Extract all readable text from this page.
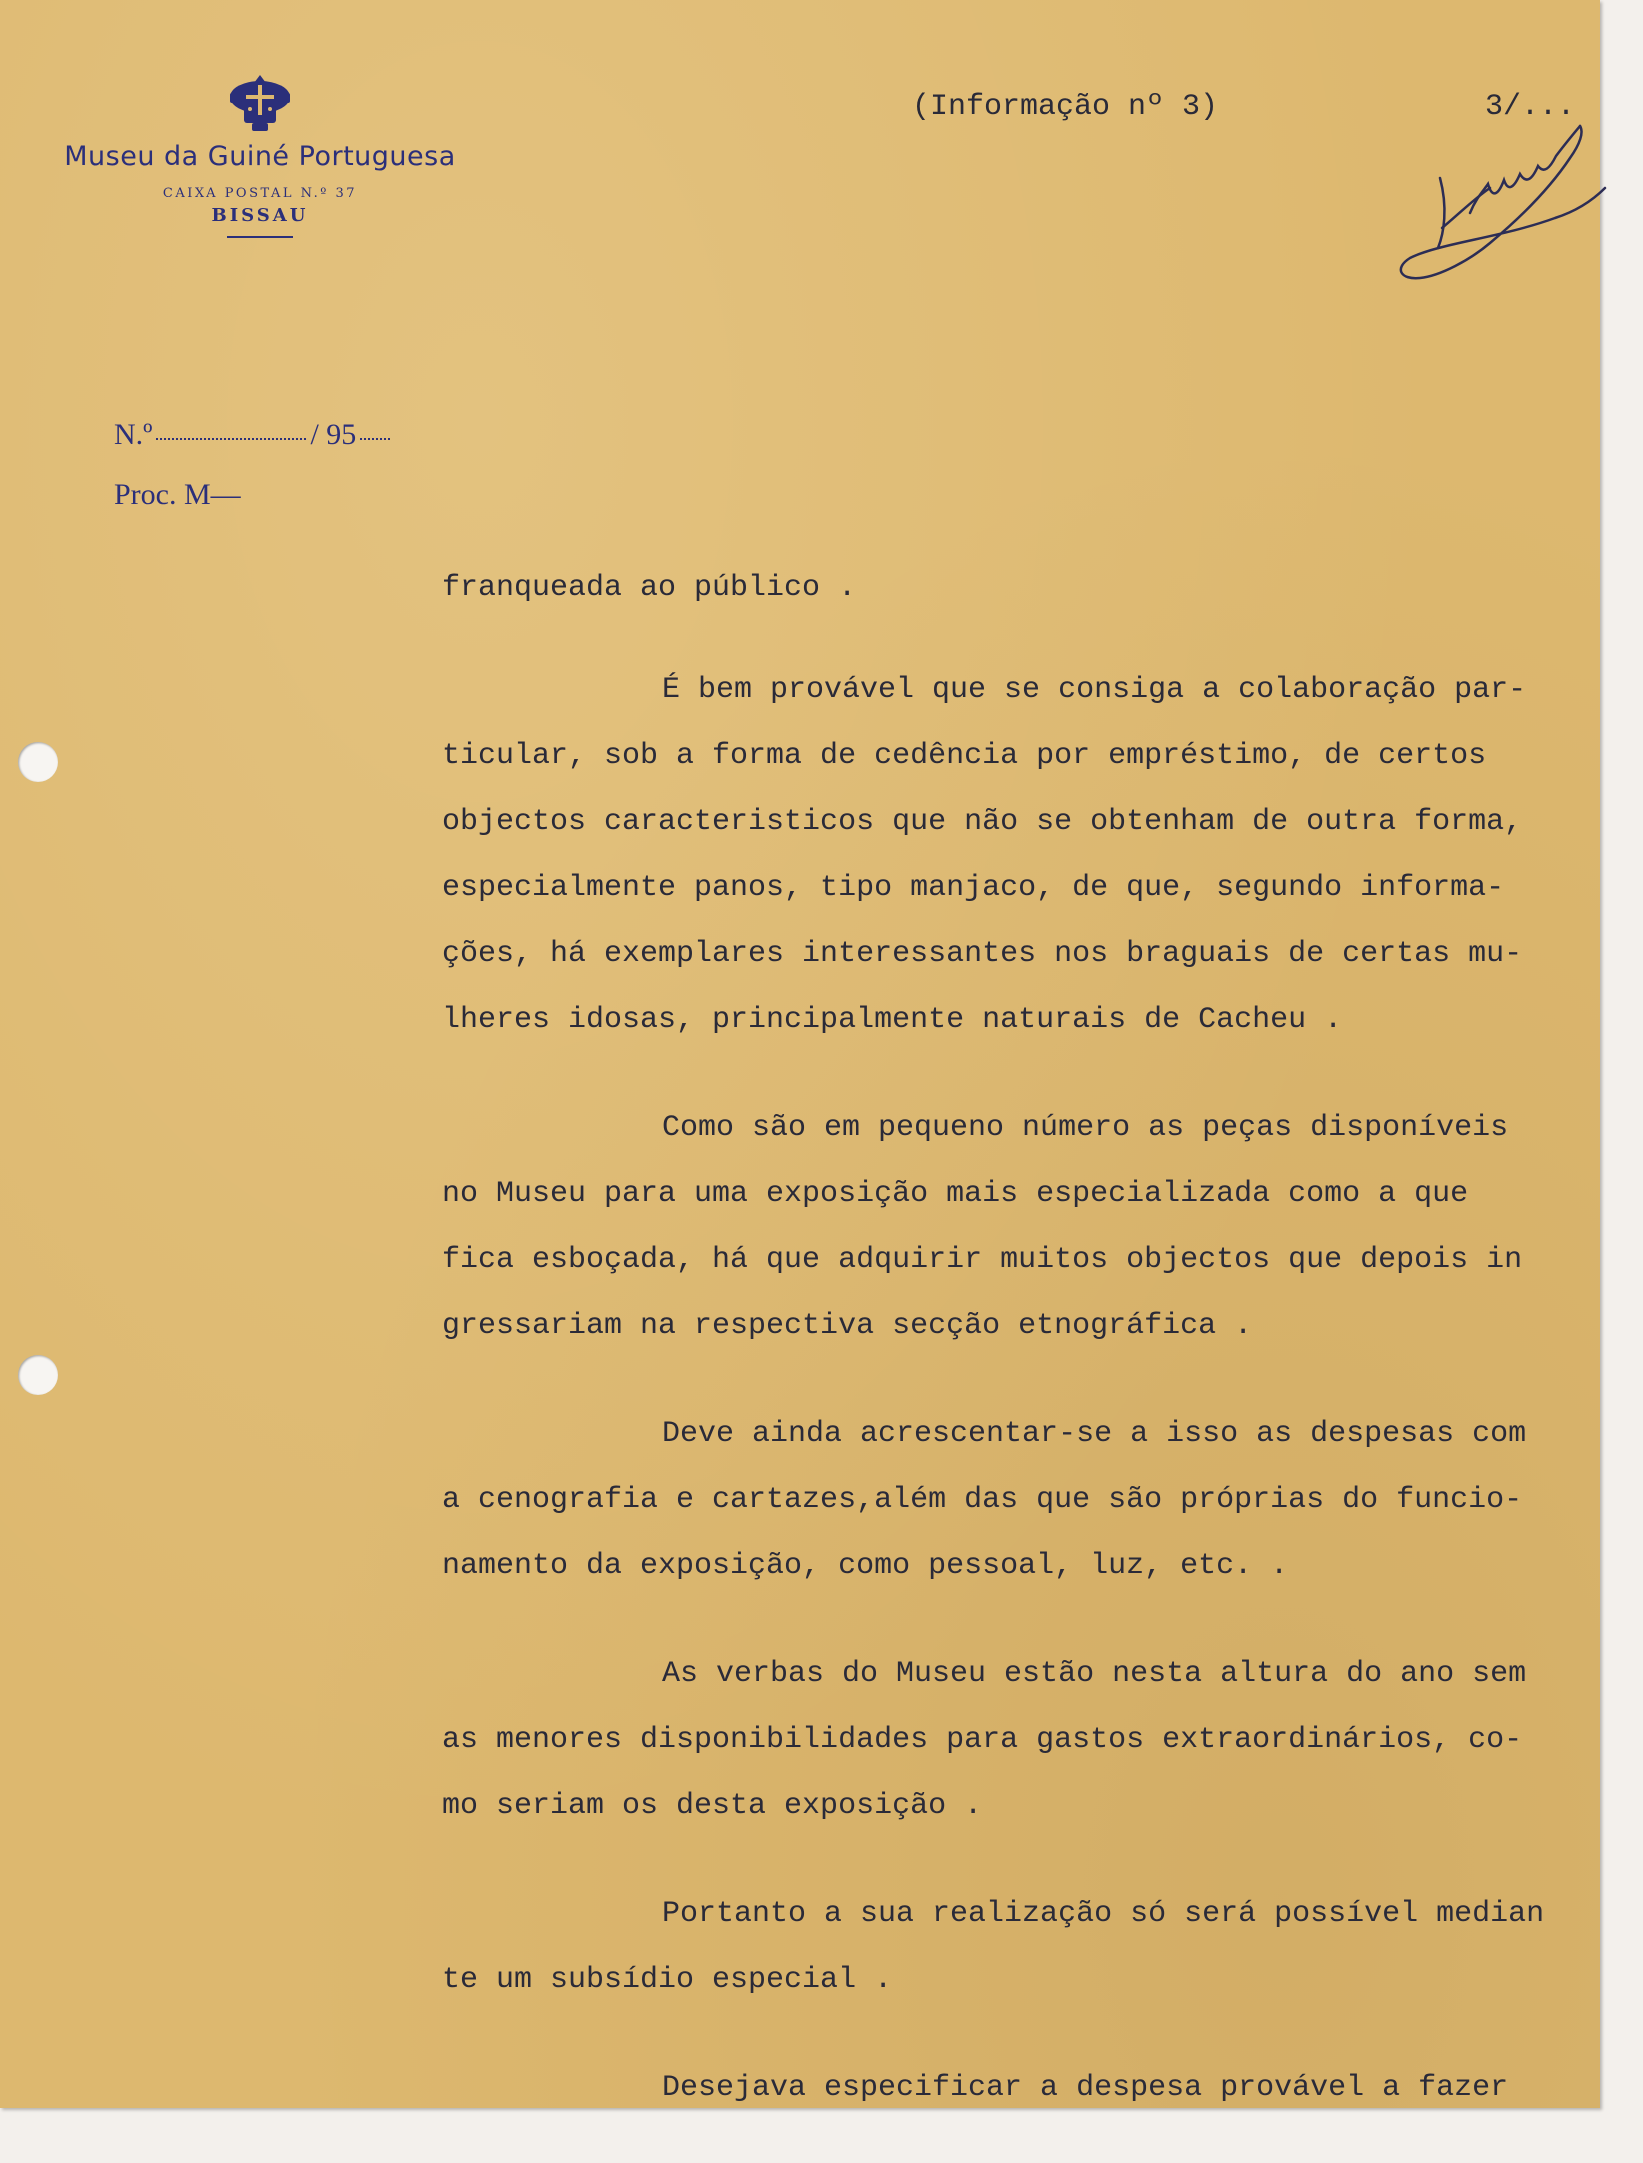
Museu da Guiné Portuguesa
CAIXA POSTAL N.º 37
BISSAU
(Informação nº 3)	3/...
N.º	/ 95
Proc. M—

franqueada ao público .

É bem provável que se consiga a colaboração par-
ticular, sob a forma de cedência por empréstimo, de certos
objectos caracteristicos que não se obtenham de outra forma,
especialmente panos, tipo manjaco, de que, segundo informa-
ções, há exemplares interessantes nos braguais de certas mu-
lheres idosas, principalmente naturais de Cacheu .

Como são em pequeno número as peças disponíveis
no Museu para uma exposição mais especializada como a que
fica esboçada, há que adquirir muitos objectos que depois in
gressariam na respectiva secção etnográfica .

Deve ainda acrescentar-se a isso as despesas com
a cenografia e cartazes,além das que são próprias do funcio-
namento da exposição, como pessoal, luz, etc. .

As verbas do Museu estão nesta altura do ano sem
as menores disponibilidades para gastos extraordinários, co-
mo seriam os desta exposição .

Portanto a sua realização só será possível median
te um subsídio especial .

Desejava especificar a despesa provável a fazer
